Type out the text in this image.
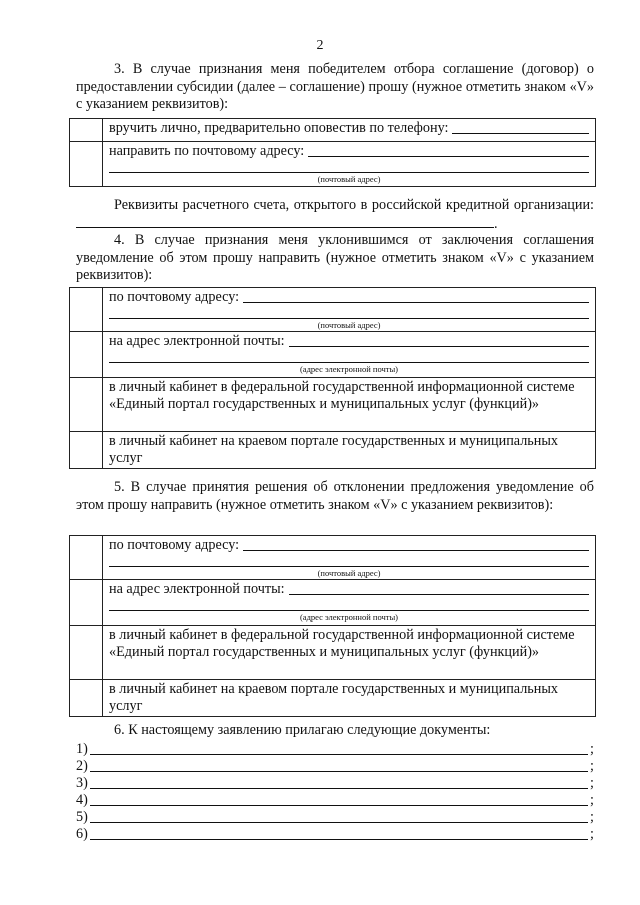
2
3. В случае признания меня победителем отбора соглашение (договор) о предоставлении субсидии (далее – соглашение) прошу (нужное отметить знаком «V» с указанием реквизитов):

	вручить лично, предварительно оповестив по телефону:

	направить по почтовому адресу:
(почтовый адрес)
Реквизиты расчетного счета, открытого в российской кредитной организации: .
4. В случае признания меня уклонившимся от заключения соглашения уведомление об этом прошу направить (нужное отметить знаком «V» с указанием реквизитов):

	по почтовому адресу:
(почтовый адрес)

	на адрес электронной почты:
(адрес электронной почты)

	в личный кабинет в федеральной государственной информационной системе «Единый портал государственных и муниципальных услуг (функций)»
	в личный кабинет на краевом портале государственных и муниципальных услуг
5. В случае принятия решения об отклонении предложения уведомление об этом прошу направить (нужное отметить знаком «V» с указанием реквизитов):

	по почтовому адресу:
(почтовый адрес)

	на адрес электронной почты:
(адрес электронной почты)

	в личный кабинет в федеральной государственной информационной системе «Единый портал государственных и муниципальных услуг (функций)»
	в личный кабинет на краевом портале государственных и муниципальных услуг
6. К настоящему заявлению прилагаю следующие документы:
1)	;
2)	;
3)	;
4)	;
5)	;
6)	;
